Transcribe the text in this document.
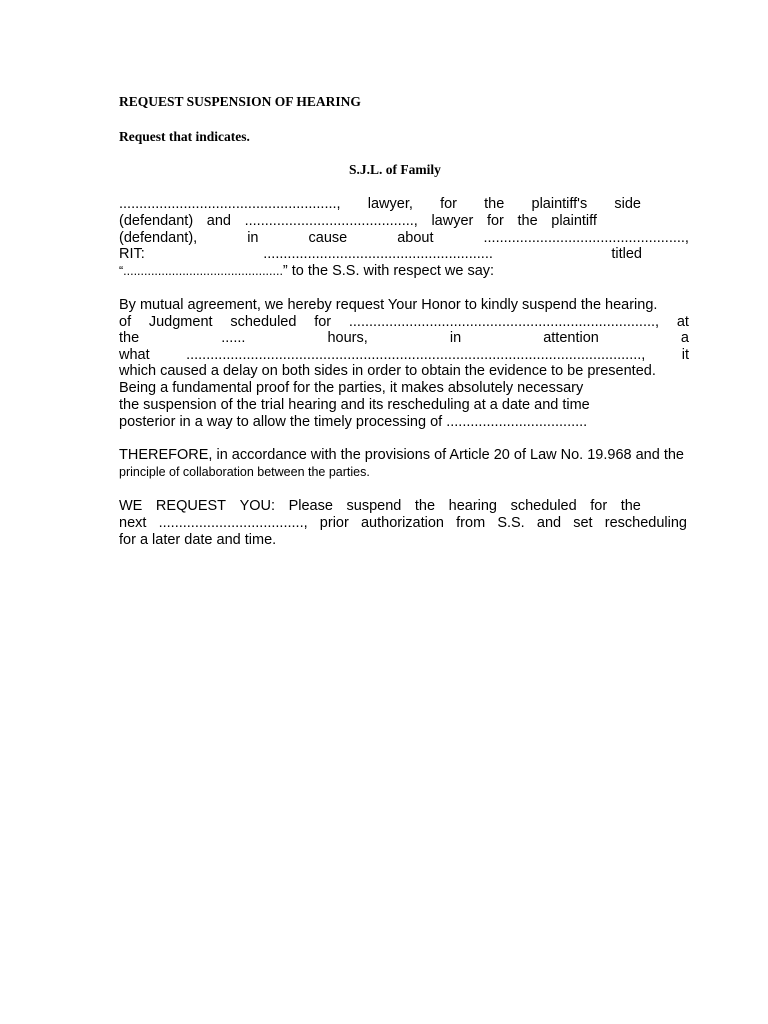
REQUEST SUSPENSION OF HEARING
Request that indicates.
S.J.L. of Family
......................................................, lawyer, for the plaintiff's side
(defendant) and .........................................., lawyer for the plaintiff
(defendant),	in	cause	about	..................................................,
RIT:	.........................................................	titled
“..............................................” to the S.S. with respect we say:
By mutual agreement, we hereby request Your Honor to kindly suspend the hearing.
of Judgment scheduled for ............................................................................, at
the	......	hours,	in	attention	a
what	.................................................................................................................,	it
which caused a delay on both sides in order to obtain the evidence to be presented.
Being a fundamental proof for the parties, it makes absolutely necessary
the suspension of the trial hearing and its rescheduling at a date and time
posterior in a way to allow the timely processing of ...................................
THEREFORE, in accordance with the provisions of Article 20 of Law No. 19.968 and the
principle of collaboration between the parties.
WE REQUEST YOU: Please suspend the hearing scheduled for the
next ...................................., prior authorization from S.S. and set rescheduling
for a later date and time.
